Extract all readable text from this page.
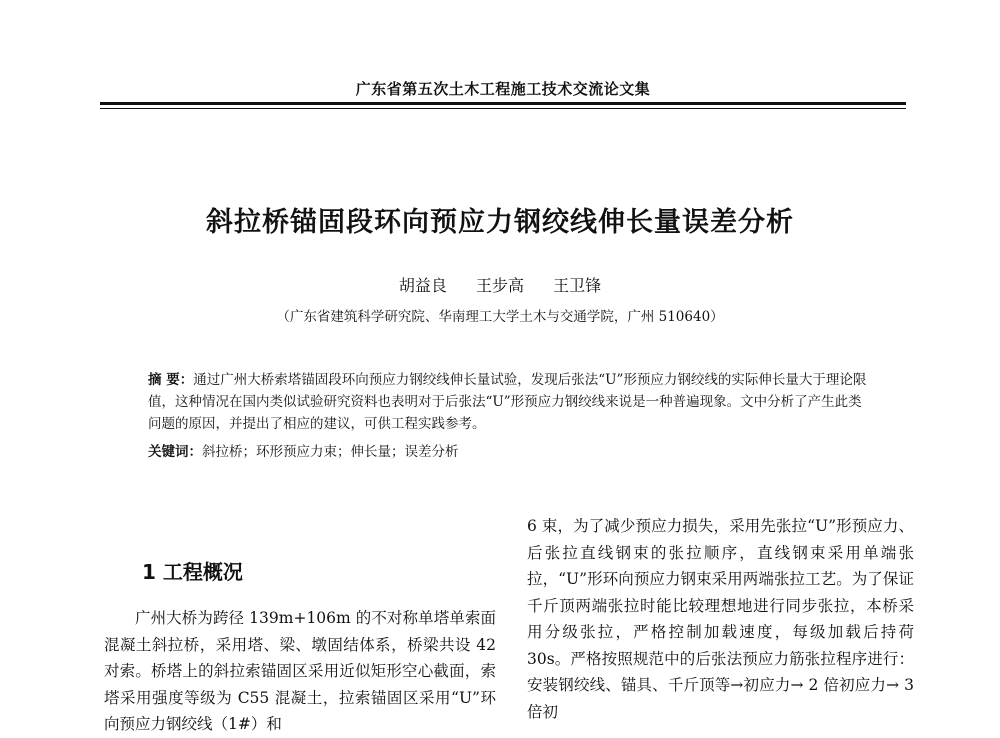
广东省第五次土木工程施工技术交流论文集
斜拉桥锚固段环向预应力钢绞线伸长量误差分析
胡益良 王步高 王卫锋
（广东省建筑科学研究院、华南理工大学土木与交通学院，广州 510640）
摘 要：通过广州大桥索塔锚固段环向预应力钢绞线伸长量试验，发现后张法“U”形预应力钢绞线的实际伸长量大于理论限值，这种情况在国内类似试验研究资料也表明对于后张法“U”形预应力钢绞线来说是一种普遍现象。文中分析了产生此类问题的原因，并提出了相应的建议，可供工程实践参考。
关键词：斜拉桥；环形预应力束；伸长量；误差分析
1 工程概况

广州大桥为跨径 139m+106m 的不对称单塔单索面混凝土斜拉桥，采用塔、梁、墩固结体系，桥梁共设 42 对索。桥塔上的斜拉索锚固区采用近似矩形空心截面，索塔采用强度等级为 C55 混凝土，拉索锚固区采用“U”环向预应力钢绞线（1#）和

6 束，为了减少预应力损失，采用先张拉“U”形预应力、后张拉直线钢束的张拉顺序，直线钢束采用单端张拉，“U”形环向预应力钢束采用两端张拉工艺。为了保证千斤顶两端张拉时能比较理想地进行同步张拉，本桥采用分级张拉，严格控制加载速度，每级加载后持荷 30s。严格按照规范中的后张法预应力筋张拉程序进行：安装钢绞线、锚具、千斤顶等→初应力→ 2 倍初应力→ 3 倍初
